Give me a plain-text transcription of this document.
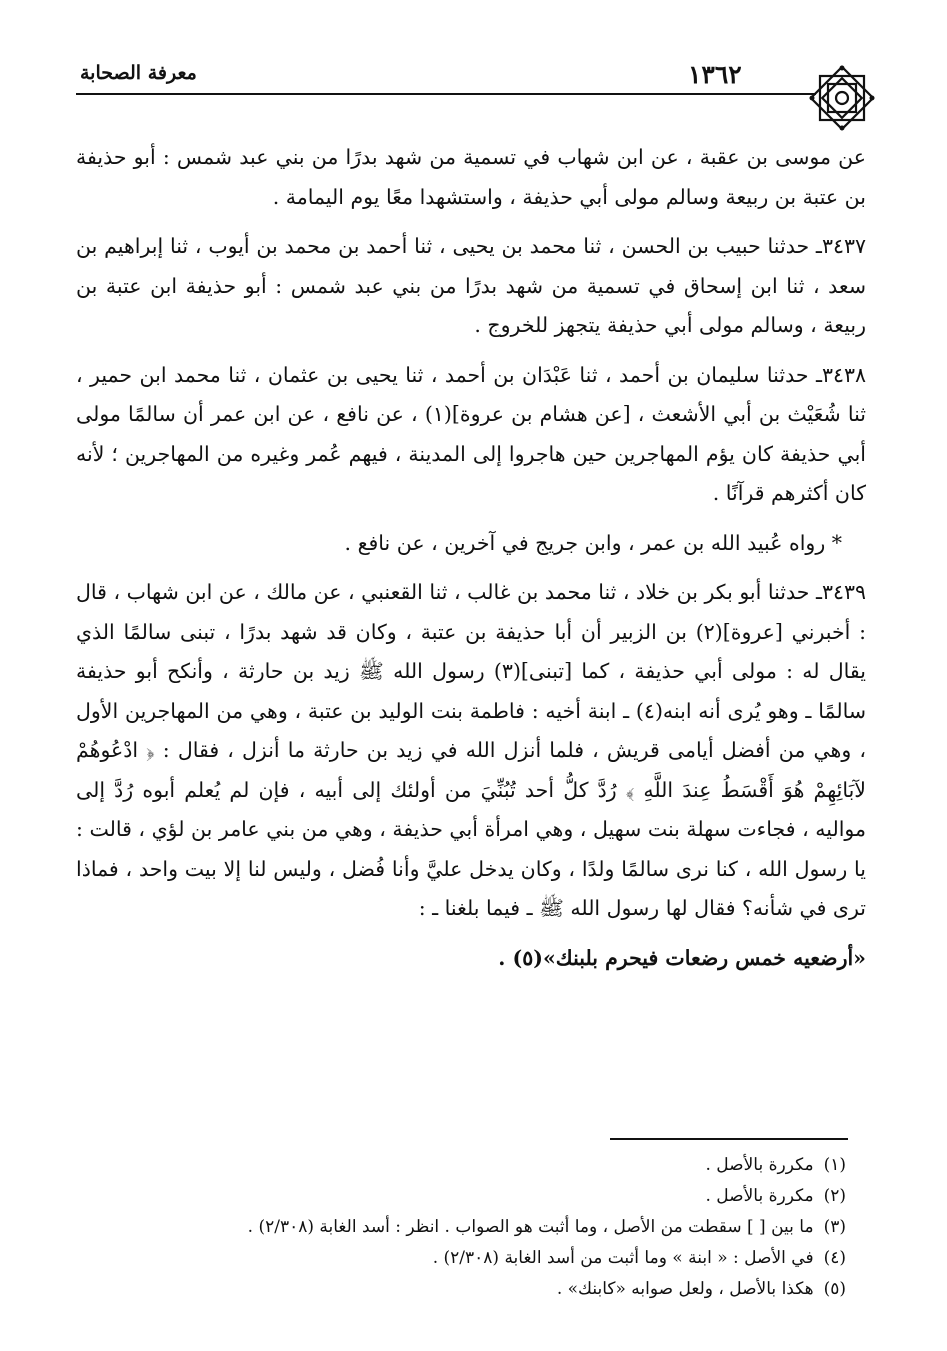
معرفة الصحابة	١٣٦٢

عن موسى بن عقبة ، عن ابن شهاب في تسمية من شهد بدرًا من بني عبد شمس : أبو حذيفة بن عتبة بن ربيعة وسالم مولى أبي حذيفة ، واستشهدا معًا يوم اليمامة .

٣٤٣٧ـ حدثنا حبيب بن الحسن ، ثنا محمد بن يحيى ، ثنا أحمد بن محمد بن أيوب ، ثنا إبراهيم بن سعد ، ثنا ابن إسحاق في تسمية من شهد بدرًا من بني عبد شمس : أبو حذيفة ابن عتبة بن ربيعة ، وسالم مولى أبي حذيفة يتجهز للخروج .

٣٤٣٨ـ حدثنا سليمان بن أحمد ، ثنا عَبْدَان بن أحمد ، ثنا يحيى بن عثمان ، ثنا محمد ابن حمير ، ثنا شُعَيْث بن أبي الأشعث ، [عن هشام بن عروة](١) ، عن نافع ، عن ابن عمر أن سالمًا مولى أبي حذيفة كان يؤم المهاجرين حين هاجروا إلى المدينة ، فيهم عُمر وغيره من المهاجرين ؛ لأنه كان أكثرهم قرآنًا .

* رواه عُبيد الله بن عمر ، وابن جريج في آخرين ، عن نافع .

٣٤٣٩ـ حدثنا أبو بكر بن خلاد ، ثنا محمد بن غالب ، ثنا القعنبي ، عن مالك ، عن ابن شهاب ، قال : أخبرني [عروة](٢) بن الزبير أن أبا حذيفة بن عتبة ، وكان قد شهد بدرًا ، تبنى سالمًا الذي يقال له : مولى أبي حذيفة ، كما [تبنى](٣) رسول الله ﷺ زيد بن حارثة ، وأنكح أبو حذيفة سالمًا ـ وهو يُرى أنه ابنه(٤) ـ ابنة أخيه : فاطمة بنت الوليد بن عتبة ، وهي من المهاجرين الأول ، وهي من أفضل أيامى قريش ، فلما أنزل الله في زيد بن حارثة ما أنزل ، فقال : ﴿ ادْعُوهُمْ لآبَائِهِمْ هُوَ أَقْسَطُ عِندَ اللَّهِ ﴾ رُدَّ كلُّ أحد تُبُنِّيَ من أولئك إلى أبيه ، فإن لم يُعلم أبوه رُدَّ إلى مواليه ، فجاءت سهلة بنت سهيل ، وهي امرأة أبي حذيفة ، وهي من بني عامر بن لؤي ، قالت : يا رسول الله ، كنا نرى سالمًا ولدًا ، وكان يدخل عليَّ وأنا فُضل ، وليس لنا إلا بيت واحد ، فماذا ترى في شأنه؟ فقال لها رسول الله ﷺ ـ فيما بلغنا ـ :

«أرضعيه خمس رضعات فيحرم بلبنك»(٥) .

(١)
مكررة بالأصل .
(٢)
مكررة بالأصل .
(٣)
ما بين [ ] سقطت من الأصل ، وما أثبت هو الصواب . انظر : أسد الغابة (٢/٣٠٨) .
(٤)
في الأصل : « ابنة » وما أثبت من أسد الغابة (٢/٣٠٨) .
(٥)
هكذا بالأصل ، ولعل صوابه «كابنك» .
